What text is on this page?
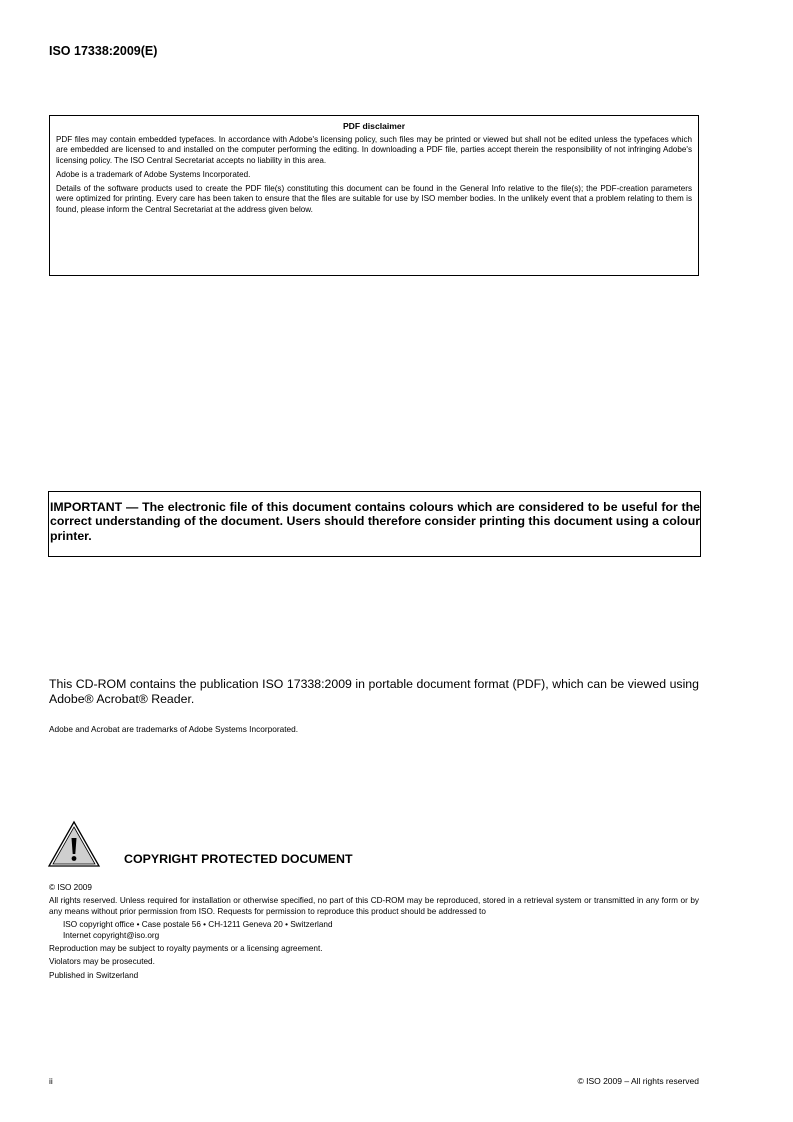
ISO 17338:2009(E)
PDF disclaimer

PDF files may contain embedded typefaces. In accordance with Adobe's licensing policy, such files may be printed or viewed but shall not be edited unless the typefaces which are embedded are licensed to and installed on the computer performing the editing. In downloading a PDF file, parties accept therein the responsibility of not infringing Adobe's licensing policy. The ISO Central Secretariat accepts no liability in this area.

Adobe is a trademark of Adobe Systems Incorporated.

Details of the software products used to create the PDF file(s) constituting this document can be found in the General Info relative to the file(s); the PDF-creation parameters were optimized for printing. Every care has been taken to ensure that the files are suitable for use by ISO member bodies. In the unlikely event that a problem relating to them is found, please inform the Central Secretariat at the address given below.

IMPORTANT — The electronic file of this document contains colours which are considered to be useful for the correct understanding of the document. Users should therefore consider printing this document using a colour printer.

This CD-ROM contains the publication ISO 17338:2009 in portable document format (PDF), which can be viewed using Adobe® Acrobat® Reader.

Adobe and Acrobat are trademarks of Adobe Systems Incorporated.

COPYRIGHT PROTECTED DOCUMENT

© ISO 2009

All rights reserved. Unless required for installation or otherwise specified, no part of this CD-ROM may be reproduced, stored in a retrieval system or transmitted in any form or by any means without prior permission from ISO. Requests for permission to reproduce this product should be addressed to

ISO copyright office • Case postale 56 • CH-1211 Geneva 20 • Switzerland

Internet copyright@iso.org

Reproduction may be subject to royalty payments or a licensing agreement.

Violators may be prosecuted.

Published in Switzerland

ii	© ISO 2009 – All rights reserved
